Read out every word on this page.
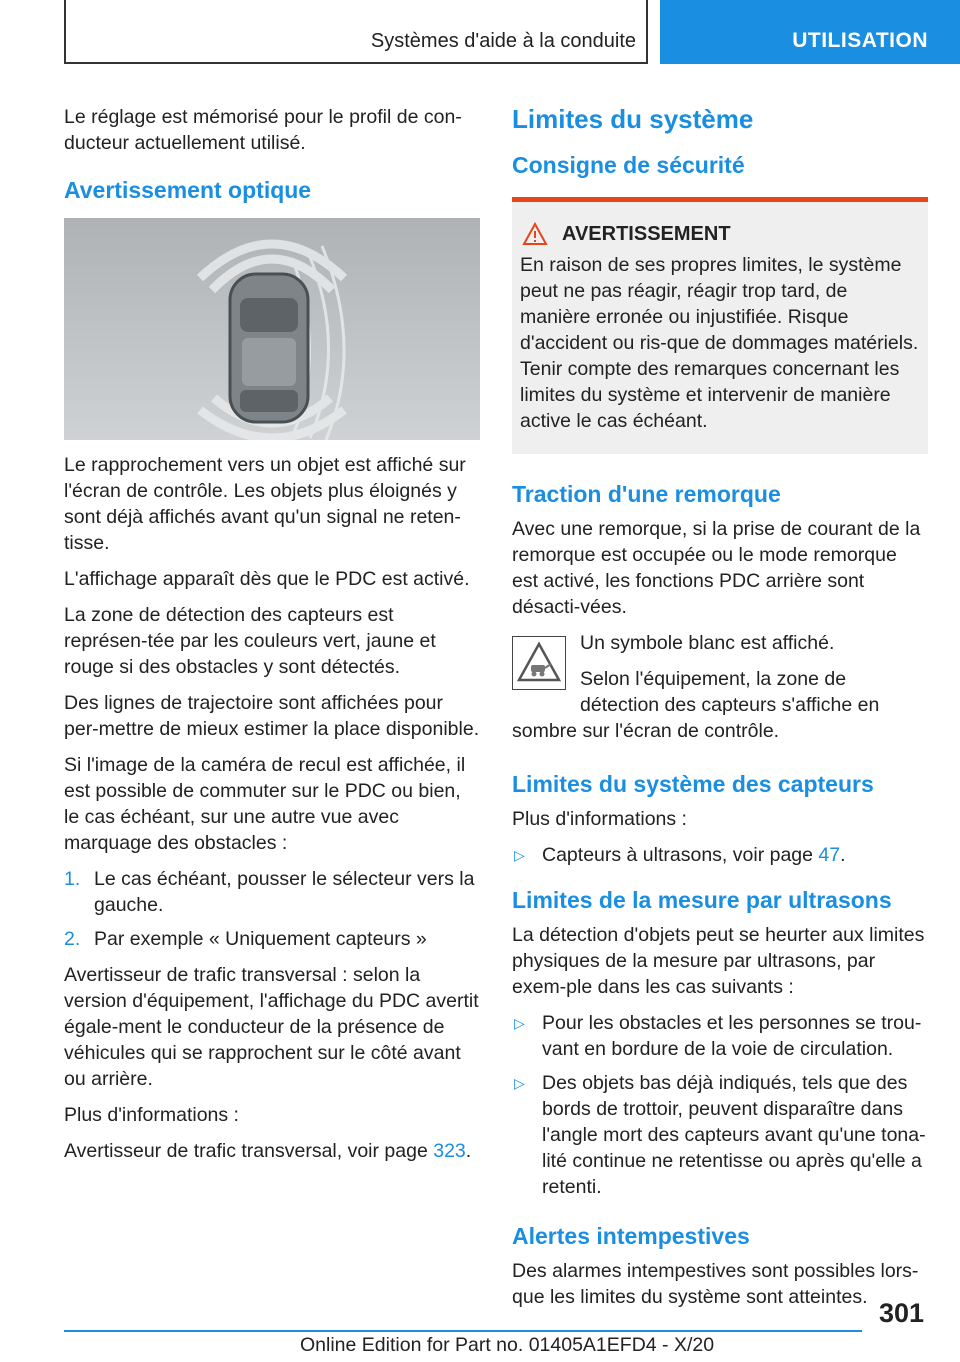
Systèmes d'aide à la conduite	UTILISATION

Le réglage est mémorisé pour le profil de con-ducteur actuellement utilisé.

Avertissement optique

Le rapprochement vers un objet est affiché sur l'écran de contrôle. Les objets plus éloignés y sont déjà affichés avant qu'un signal ne reten-tisse.

L'affichage apparaît dès que le PDC est activé.

La zone de détection des capteurs est représen-tée par les couleurs vert, jaune et rouge si des obstacles y sont détectés.

Des lignes de trajectoire sont affichées pour per-mettre de mieux estimer la place disponible.

Si l'image de la caméra de recul est affichée, il est possible de commuter sur le PDC ou bien, le cas échéant, sur une autre vue avec marquage des obstacles :

1. Le cas échéant, pousser le sélecteur vers la gauche.
2. Par exemple « Uniquement capteurs »

Avertisseur de trafic transversal : selon la version d'équipement, l'affichage du PDC avertit égale-ment le conducteur de la présence de véhicules qui se rapprochent sur le côté avant ou arrière.

Plus d'informations :

Avertisseur de trafic transversal, voir page 323.

Limites du système
Consigne de sécurité
AVERTISSEMENT

En raison de ses propres limites, le système peut ne pas réagir, réagir trop tard, de manière erronée ou injustifiée. Risque d'accident ou ris-que de dommages matériels. Tenir compte des remarques concernant les limites du système et intervenir de manière active le cas échéant.

Traction d'une remorque

Avec une remorque, si la prise de courant de la remorque est occupée ou le mode remorque est activé, les fonctions PDC arrière sont désacti-vées.

Un symbole blanc est affiché.

Selon l'équipement, la zone de détection des capteurs s'affiche en sombre sur l'écran de contrôle.

Limites du système des capteurs

Plus d'informations :

▷ Capteurs à ultrasons, voir page 47.
Limites de la mesure par ultrasons

La détection d'objets peut se heurter aux limites physiques de la mesure par ultrasons, par exem-ple dans les cas suivants :

▷ Pour les obstacles et les personnes se trou-vant en bordure de la voie de circulation.
▷ Des objets bas déjà indiqués, tels que des bords de trottoir, peuvent disparaître dans l'angle mort des capteurs avant qu'une tona-lité continue ne retentisse ou après qu'elle a retenti.
Alertes intempestives

Des alarmes intempestives sont possibles lors-que les limites du système sont atteintes.

301
Online Edition for Part no. 01405A1EFD4 - X/20
